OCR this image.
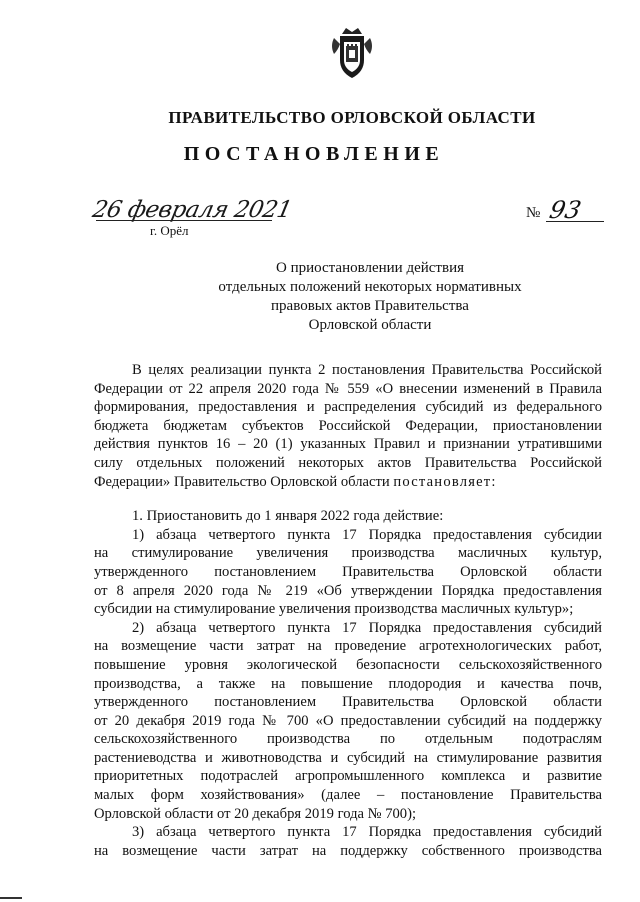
ПРАВИТЕЛЬСТВО ОРЛОВСКОЙ ОБЛАСТИ
ПОСТАНОВЛЕНИЕ
26 февраля 2021
г. Орёл
№ 93
О приостановлении действия
отдельных положений некоторых нормативных
правовых актов Правительства
Орловской области

В целях реализации пункта 2 постановления Правительства Российской

Федерации от 22 апреля 2020 года № 559 «О внесении изменений в Правила

формирования, предоставления и распределения субсидий из федерального

бюджета бюджетам субъектов Российской Федерации, приостановлении

действия пунктов 16 – 20 (1) указанных Правил и признании утратившими

силу отдельных положений некоторых актов Правительства Российской

Федерации» Правительство Орловской области постановляет:

1. Приостановить до 1 января 2022 года действие:

1) абзаца четвертого пункта 17 Порядка предоставления субсидии

на стимулирование увеличения производства масличных культур,

утвержденного постановлением Правительства Орловской области

от 8 апреля 2020 года № 219 «Об утверждении Порядка предоставления

субсидии на стимулирование увеличения производства масличных культур»;

2) абзаца четвертого пункта 17 Порядка предоставления субсидий

на возмещение части затрат на проведение агротехнологических работ,

повышение уровня экологической безопасности сельскохозяйственного

производства, а также на повышение плодородия и качества почв,

утвержденного постановлением Правительства Орловской области

от 20 декабря 2019 года № 700 «О предоставлении субсидий на поддержку

сельскохозяйственного производства по отдельным подотраслям

растениеводства и животноводства и субсидий на стимулирование развития

приоритетных подотраслей агропромышленного комплекса и развитие

малых форм хозяйствования» (далее – постановление Правительства

Орловской области от 20 декабря 2019 года № 700);

3) абзаца четвертого пункта 17 Порядка предоставления субсидий

на возмещение части затрат на поддержку собственного производства
